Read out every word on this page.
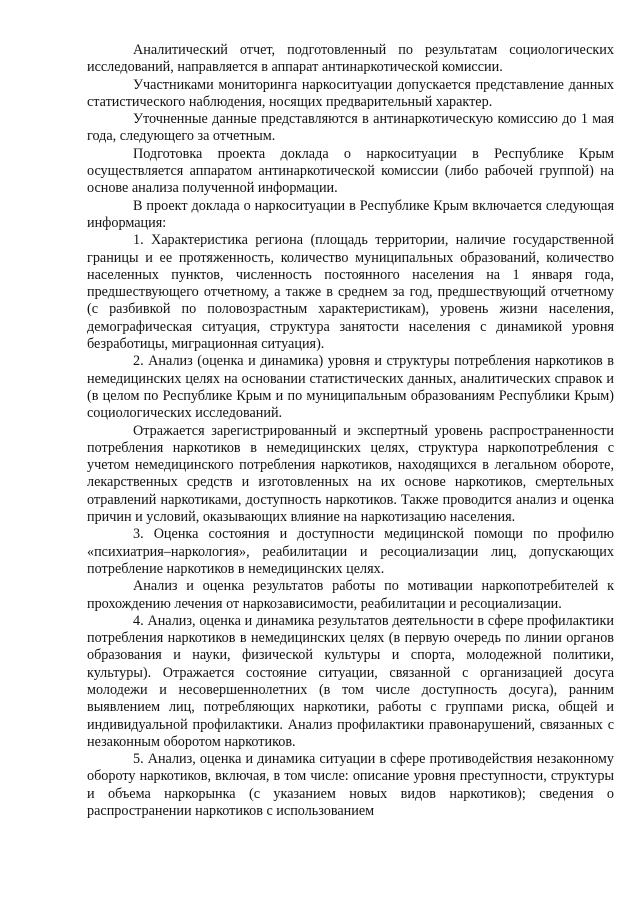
Аналитический отчет, подготовленный по результатам социологических исследований, направляется в аппарат антинаркотической комиссии.

Участниками мониторинга наркоситуации допускается представление данных статистического наблюдения, носящих предварительный характер.

Уточненные данные представляются в антинаркотическую комиссию до 1 мая года, следующего за отчетным.

Подготовка проекта доклада о наркоситуации в Республике Крым осуществляется аппаратом антинаркотической комиссии (либо рабочей группой) на основе анализа полученной информации.

В проект доклада о наркоситуации в Республике Крым включается следующая информация:

1. Характеристика региона (площадь территории, наличие государственной границы и ее протяженность, количество муниципальных образований, количество населенных пунктов, численность постоянного населения на 1 января года, предшествующего отчетному, а также в среднем за год, предшествующий отчетному (с разбивкой по половозрастным характеристикам), уровень жизни населения, демографическая ситуация, структура занятости населения с динамикой уровня безработицы, миграционная ситуация).

2. Анализ (оценка и динамика) уровня и структуры потребления наркотиков в немедицинских целях на основании статистических данных, аналитических справок и (в целом по Республике Крым и по муниципальным образованиям Республики Крым) социологических исследований.

Отражается зарегистрированный и экспертный уровень распространенности потребления наркотиков в немедицинских целях, структура наркопотребления с учетом немедицинского потребления наркотиков, находящихся в легальном обороте, лекарственных средств и изготовленных на их основе наркотиков, смертельных отравлений наркотиками, доступность наркотиков. Также проводится анализ и оценка причин и условий, оказывающих влияние на наркотизацию населения.

3. Оценка состояния и доступности медицинской помощи по профилю «психиатрия–наркология», реабилитации и ресоциализации лиц, допускающих потребление наркотиков в немедицинских целях.

Анализ и оценка результатов работы по мотивации наркопотребителей к прохождению лечения от наркозависимости, реабилитации и ресоциализации.

4. Анализ, оценка и динамика результатов деятельности в сфере профилактики потребления наркотиков в немедицинских целях (в первую очередь по линии органов образования и науки, физической культуры и спорта, молодежной политики, культуры). Отражается состояние ситуации, связанной с организацией досуга молодежи и несовершеннолетних (в том числе доступность досуга), ранним выявлением лиц, потребляющих наркотики, работы с группами риска, общей и индивидуальной профилактики. Анализ профилактики правонарушений, связанных с незаконным оборотом наркотиков.

5. Анализ, оценка и динамика ситуации в сфере противодействия незаконному обороту наркотиков, включая, в том числе: описание уровня преступности, структуры и объема наркорынка (с указанием новых видов наркотиков); сведения о распространении наркотиков с использованием
